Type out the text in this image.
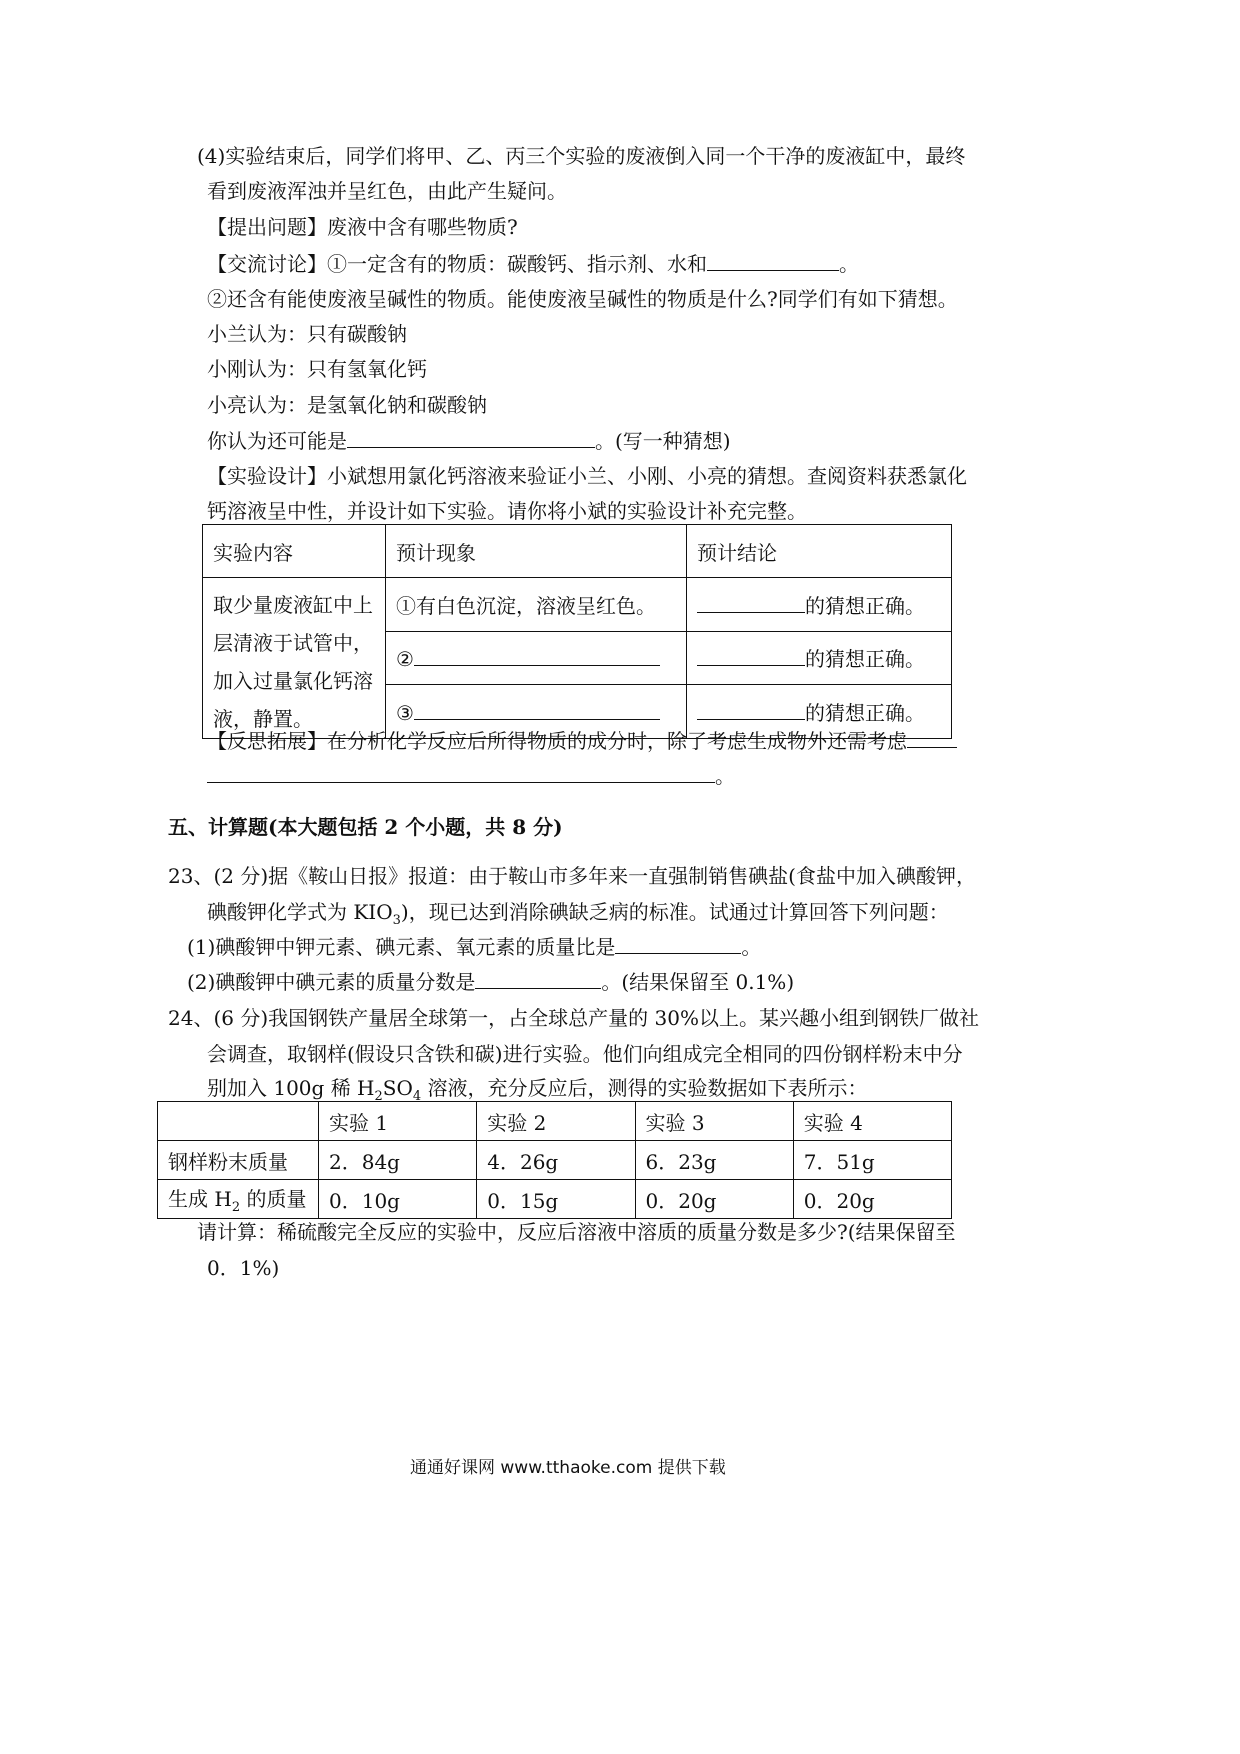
(4)实验结束后，同学们将甲、乙、丙三个实验的废液倒入同一个干净的废液缸中，最终
看到废液浑浊并呈红色，由此产生疑问。
【提出问题】废液中含有哪些物质?
【交流讨论】①一定含有的物质：碳酸钙、指示剂、水和	。
②还含有能使废液呈碱性的物质。能使废液呈碱性的物质是什么?同学们有如下猜想。
小兰认为：只有碳酸钠
小刚认为：只有氢氧化钙
小亮认为：是氢氧化钠和碳酸钠
你认为还可能是	。(写一种猜想)
【实验设计】小斌想用氯化钙溶液来验证小兰、小刚、小亮的猜想。查阅资料获悉氯化
钙溶液呈中性，并设计如下实验。请你将小斌的实验设计补充完整。
实验内容	预计现象	预计结论

取少量废液缸中上
层清液于试管中，
加入过量氯化钙溶
液，静置。	①有白色沉淀，溶液呈红色。	的猜想正确。
	②	的猜想正确。
	③	的猜想正确。
【反思拓展】在分析化学反应后所得物质的成分时，除了考虑生成物外还需考虑
。
五、计算题(本大题包括 2 个小题，共 8 分)
23、(2 分)据《鞍山日报》报道：由于鞍山市多年来一直强制销售碘盐(食盐中加入碘酸钾，
碘酸钾化学式为 $KIO_3$)，现已达到消除碘缺乏病的标准。试通过计算回答下列问题：
(1)碘酸钾中钾元素、碘元素、氧元素的质量比是	。
(2)碘酸钾中碘元素的质量分数是	。(结果保留至 0.1%)
24、(6 分)我国钢铁产量居全球第一，占全球总产量的 30%以上。某兴趣小组到钢铁厂做社
会调查，取钢样(假设只含铁和碳)进行实验。他们向组成完全相同的四份钢样粉末中分
别加入 100g 稀 $H_2SO_4$ 溶液，充分反应后，测得的实验数据如下表所示：
	实验 1	实验 2	实验 3	实验 4
钢样粉末质量	2．84g	4．26g	6．23g	7．51g
生成 $H_2$ 的质量	0．10g	0．15g	0．20g	0．20g
请计算：稀硫酸完全反应的实验中，反应后溶液中溶质的质量分数是多少?(结果保留至
0．1%)
通通好课网 www.tthaoke.com 提供下载
